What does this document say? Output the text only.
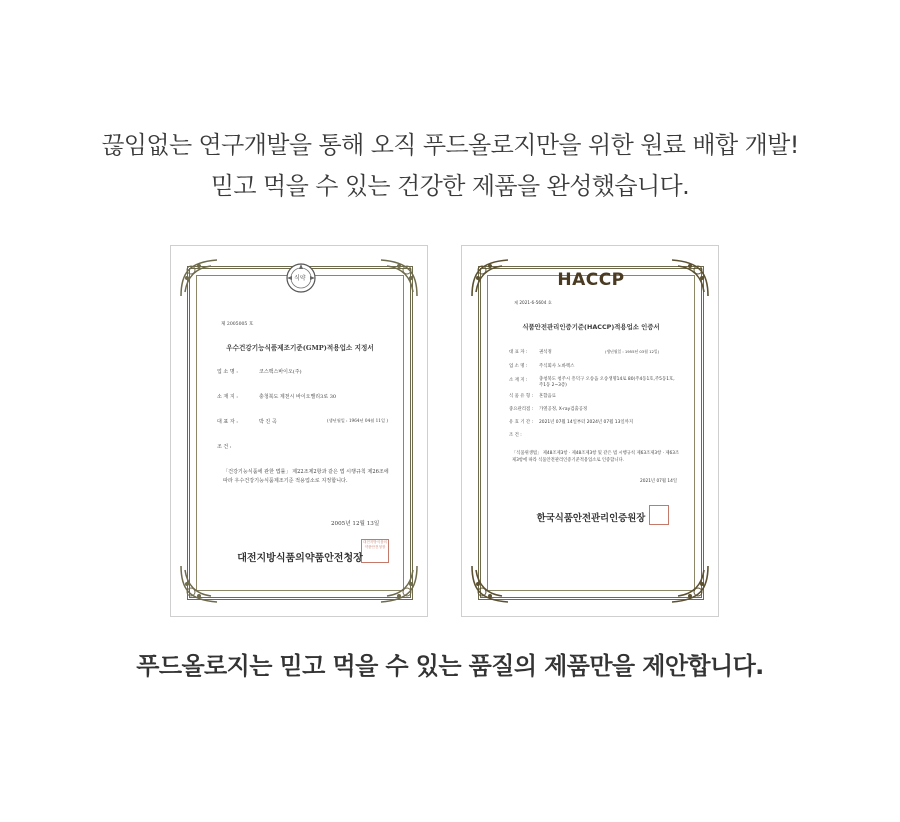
끊임없는 연구개발을 통해 오직 푸드올로지만을 위한 원료 배합 개발!

믿고 먹을 수 있는 건강한 제품을 완성했습니다.

식약
제 2005005 호
우수건강기능식품제조기준(GMP)적용업소 지정서
업 소 명 :	코스맥스바이오(주)
소 재 지 :	충청북도 제천시 바이오밸리3로 30
대 표 자 :	박 진 곡	(생년월일 : 1964년 04월 11일 )
조 건 :
「건강기능식품에 관한 법률」 제22조제2항과 같은 법 시행규칙 제26조에 따라 우수건강기능식품제조기준 적용업소로 지정합니다.
2005년 12월 13일
대전지방식품의약품안전청장
대전지방식품의약품안전청장
HACCP
제 2021-6-5604 호
식품안전관리인증기준(HACCP)적용업소 인증서
대 표 자 :	권석정	(생년월일 : 1955년 03월 12일)
업 소 명 :	주식회사 노바렉스
소 재 지 :	충청북도 청주시 흥덕구 오송읍 오송생명14로 80(주4동1호,주5동1호,주1동 2~3층)
식 품 유 형 : 혼합음료
중요관리점 : 가열공정, X-ray검출공정
유 효 기 간 : 2021년 07월 14일부터 2024년 07월 13일까지
조 건 :
「식품위생법」 제48조제3항 · 제48조제3항 및 같은 법 시행규칙 제63조제3항 · 제63조제3항에 따라 식품안전관리인증기준적용업소로 인증합니다.
2021년 07월 14일
한국식품안전관리인증원장

푸드올로지는 믿고 먹을 수 있는 품질의 제품만을 제안합니다.
